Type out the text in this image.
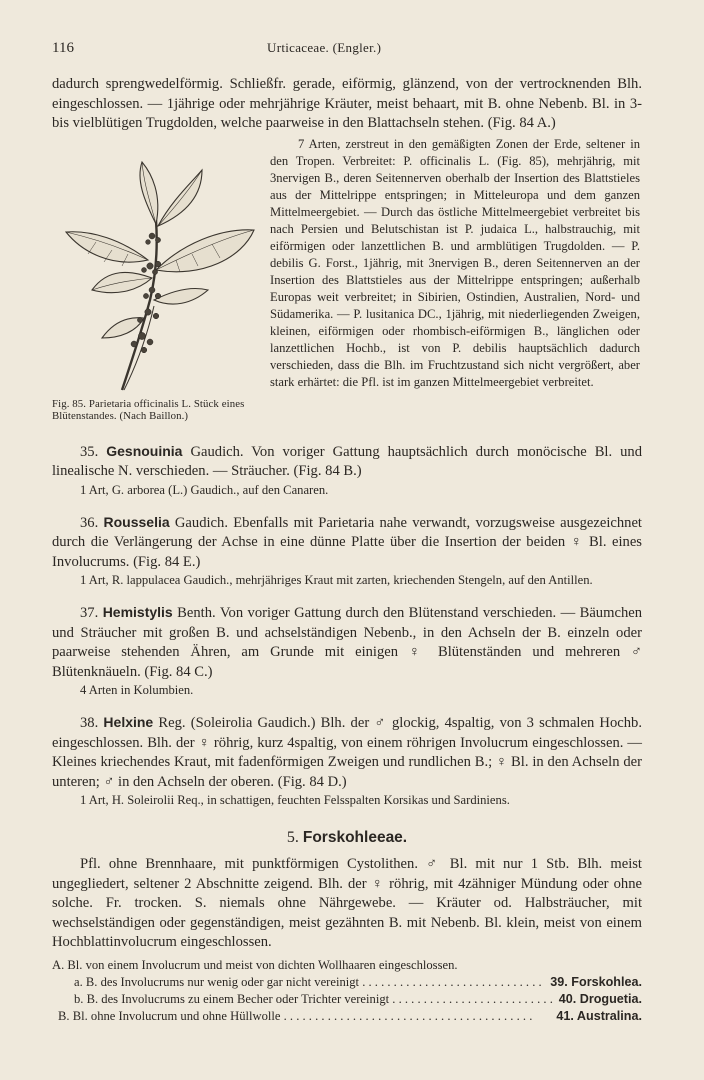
116	Urticaceae. (Engler.)

dadurch sprengwedelförmig. Schließfr. gerade, eiförmig, glänzend, von der vertrocknenden Blh. eingeschlossen. — 1jährige oder mehrjährige Kräuter, meist behaart, mit B. ohne Nebenb. Bl. in 3- bis vielblütigen Trugdolden, welche paarweise in den Blattachseln stehen. (Fig. 84 A.)

Fig. 85. Parietaria officinalis L. Stück eines Blütenstandes. (Nach Baillon.)

7 Arten, zerstreut in den gemäßigten Zonen der Erde, seltener in den Tropen. Verbreitet: P. officinalis L. (Fig. 85), mehrjährig, mit 3nervigen B., deren Seitennerven oberhalb der Insertion des Blattstieles aus der Mittelrippe entspringen; in Mitteleuropa und dem ganzen Mittelmeergebiet. — Durch das östliche Mittelmeergebiet verbreitet bis nach Persien und Belutschistan ist P. judaica L., halbstrauchig, mit eiförmigen oder lanzettlichen B. und armblütigen Trugdolden. — P. debilis G. Forst., 1jährig, mit 3nervigen B., deren Seitennerven an der Insertion des Blattstieles aus der Mittelrippe entspringen; außerhalb Europas weit verbreitet; in Sibirien, Ostindien, Australien, Nord- und Südamerika. — P. lusitanica DC., 1jährig, mit niederliegenden Zweigen, kleinen, eiförmigen oder rhombisch-eiförmigen B., länglichen oder lanzettlichen Hochb., ist von P. debilis hauptsächlich dadurch verschieden, dass die Blh. im Fruchtzustand sich nicht vergrößert, aber stark erhärtet: die Pfl. ist im ganzen Mittelmeergebiet verbreitet.

35. Gesnouinia Gaudich. Von voriger Gattung hauptsächlich durch monöcische Bl. und linealische N. verschieden. — Sträucher. (Fig. 84 B.)

1 Art, G. arborea (L.) Gaudich., auf den Canaren.

36. Rousselia Gaudich. Ebenfalls mit Parietaria nahe verwandt, vorzugsweise ausgezeichnet durch die Verlängerung der Achse in eine dünne Platte über die Insertion der beiden ♀ Bl. eines Involucrums. (Fig. 84 E.)

1 Art, R. lappulacea Gaudich., mehrjähriges Kraut mit zarten, kriechenden Stengeln, auf den Antillen.

37. Hemistylis Benth. Von voriger Gattung durch den Blütenstand verschieden. — Bäumchen und Sträucher mit großen B. und achselständigen Nebenb., in den Achseln der B. einzeln oder paarweise stehenden Ähren, am Grunde mit einigen ♀ Blütenständen und mehreren ♂ Blütenknäueln. (Fig. 84 C.)

4 Arten in Kolumbien.

38. Helxine Reg. (Soleirolia Gaudich.) Blh. der ♂ glockig, 4spaltig, von 3 schmalen Hochb. eingeschlossen. Blh. der ♀ röhrig, kurz 4spaltig, von einem röhrigen Involucrum eingeschlossen. — Kleines kriechendes Kraut, mit fadenförmigen Zweigen und rundlichen B.; ♀ Bl. in den Achseln der unteren; ♂ in den Achseln der oberen. (Fig. 84 D.)

1 Art, H. Soleirolii Req., in schattigen, feuchten Felsspalten Korsikas und Sardiniens.

5. Forskohleeae.

Pfl. ohne Brennhaare, mit punktförmigen Cystolithen. ♂ Bl. mit nur 1 Stb. Blh. meist ungegliedert, seltener 2 Abschnitte zeigend. Blh. der ♀ röhrig, mit 4zähniger Mündung oder ohne solche. Fr. trocken. S. niemals ohne Nährgewebe. — Kräuter od. Halbsträucher, mit wechselständigen oder gegenständigen, meist gezähnten B. mit Nebenb. Bl. klein, meist von einem Hochblattinvolucrum eingeschlossen.

A. Bl. von einem Involucrum und meist von dichten Wollhaaren eingeschlossen.
a. B. des Involucrums nur wenig oder gar nicht vereinigt . . .	39. Forskohlea.
b. B. des Involucrums zu einem Becher oder Trichter vereinigt . . .	40. Droguetia.
B. Bl. ohne Involucrum und ohne Hüllwolle . . .	41. Australina.
